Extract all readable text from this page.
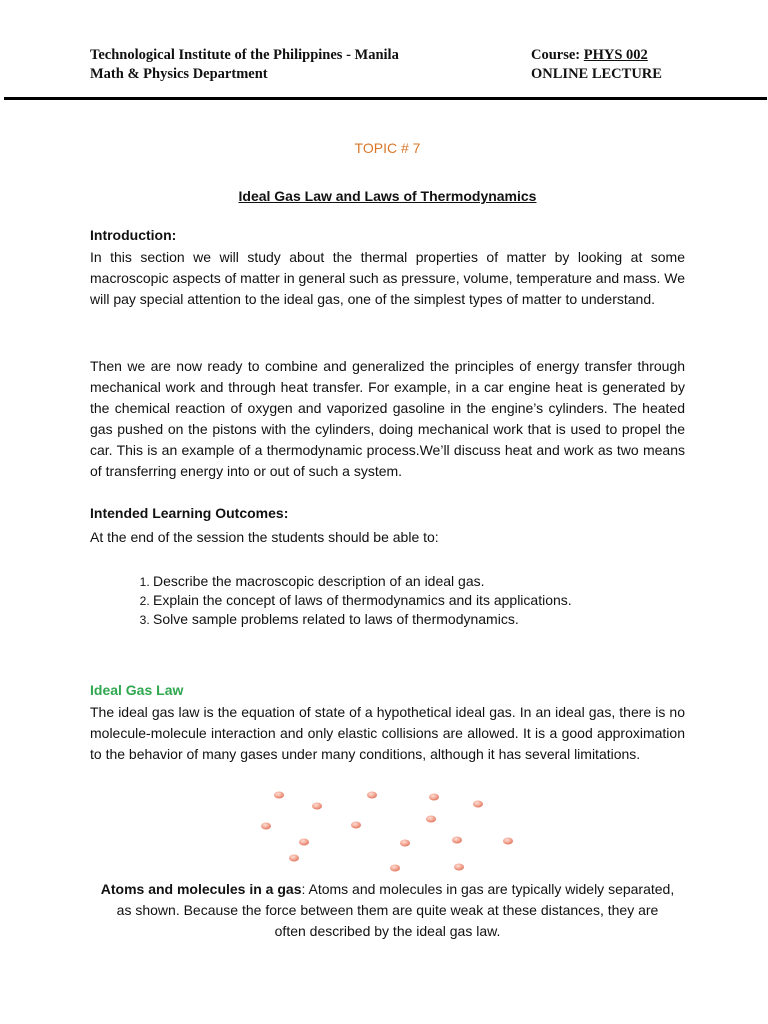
Technological Institute of the Philippines - Manila
Math & Physics Department
Course: PHYS 002
ONLINE LECTURE
TOPIC # 7
Ideal Gas Law and Laws of Thermodynamics
Introduction:

In this section we will study about the thermal properties of matter by looking at some macroscopic aspects of matter in general such as pressure, volume, temperature and mass. We will pay special attention to the ideal gas, one of the simplest types of matter to understand.

Then we are now ready to combine and generalized the principles of energy transfer through mechanical work and through heat transfer. For example, in a car engine heat is generated by the chemical reaction of oxygen and vaporized gasoline in the engine’s cylinders. The heated gas pushed on the pistons with the cylinders, doing mechanical work that is used to propel the car. This is an example of a thermodynamic process.We’ll discuss heat and work as two means of transferring energy into or out of such a system.

Intended Learning Outcomes:

At the end of the session the students should be able to:

1. Describe the macroscopic description of an ideal gas.
2. Explain the concept of laws of thermodynamics and its applications.
3. Solve sample problems related to laws of thermodynamics.
Ideal Gas Law

The ideal gas law is the equation of state of a hypothetical ideal gas. In an ideal gas, there is no molecule-molecule interaction and only elastic collisions are allowed. It is a good approximation to the behavior of many gases under many conditions, although it has several limitations.

Atoms and molecules in a gas: Atoms and molecules in gas are typically widely separated, as shown. Because the force between them are quite weak at these distances, they are often described by the ideal gas law.
